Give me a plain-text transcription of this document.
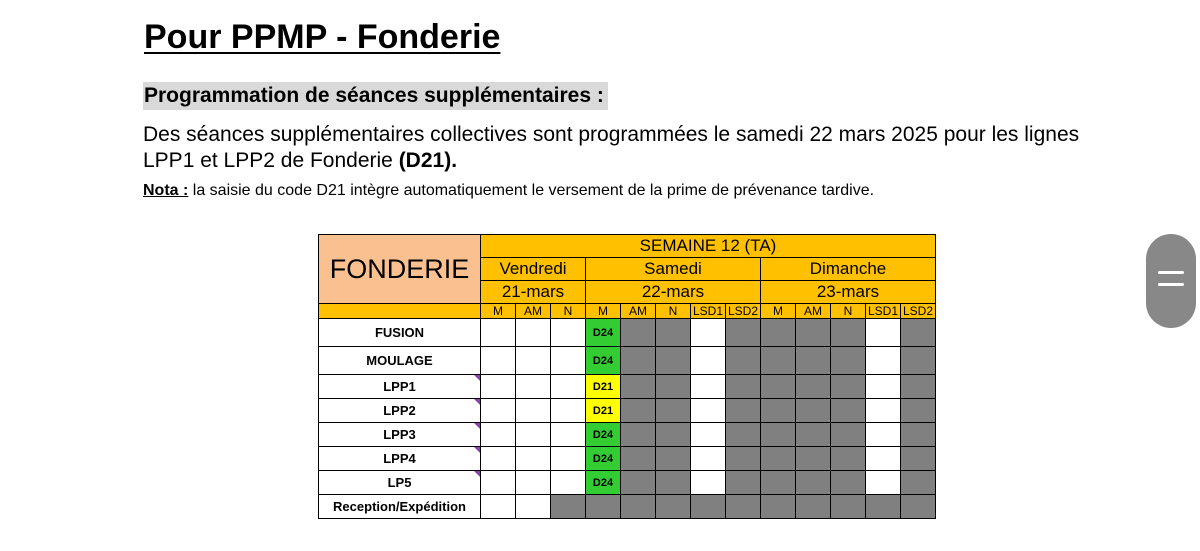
Pour PPMP - Fonderie
Programmation de séances supplémentaires :

Des séances supplémentaires collectives sont programmées le samedi 22 mars 2025 pour les lignes LPP1 et LPP2 de Fonderie (D21).

Nota : la saisie du code D21 intègre automatiquement le versement de la prime de prévenance tardive.
FONDERIE	SEMAINE 12 (TA)												
	Vendredi			Samedi					Dimanche				
	21-mars			22-mars					23-mars				
	M	AM	N	M	AM	N	LSD1	LSD2	M	AM	N	LSD1	LSD2
FUSION				D24									
MOULAGE				D24									

LPP1				D21									

LPP2				D21									

LPP3				D24									

LPP4				D24									

LP5				D24									
Reception/Expédition													
